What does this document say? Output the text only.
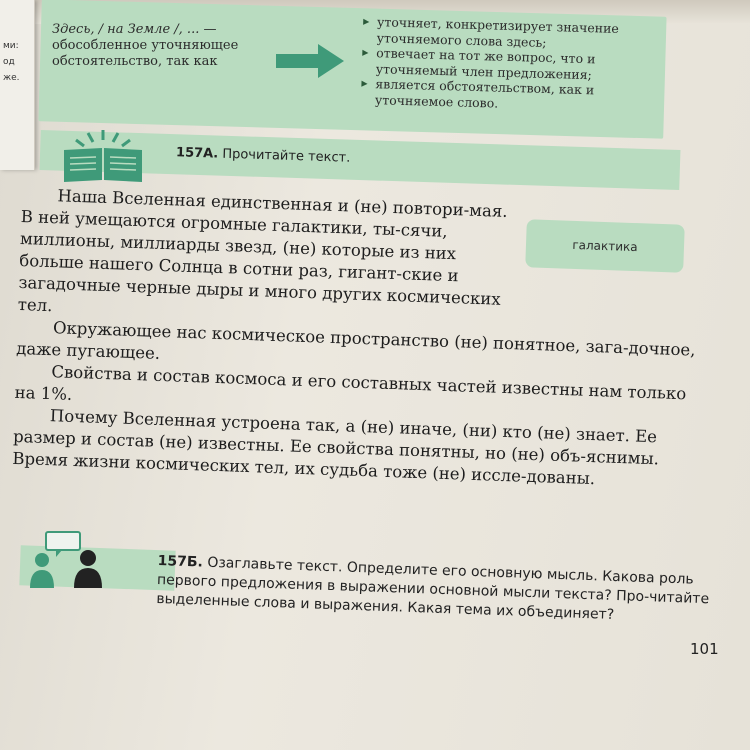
ми:
од
же.
Здесь, / на Земле /, ... —
обособленное уточняющее обстоятельство, так как
▶ уточняет, конкретизирует значение уточняемого слова здесь;
▶ отвечает на тот же вопрос, что и уточняемый член предложения;
▶ является обстоятельством, как и уточняемое слово.
157А. Прочитайте текст.
галактика

Наша Вселенная единственная и (не) повтори-мая. В ней умещаются огромные галактики, ты-сячи, миллионы, миллиарды звезд, (не) которые из них больше нашего Солнца в сотни раз, гигант-ские и загадочные черные дыры и много других космических тел.

Окружающее нас космическое пространство (не) понятное, зага-дочное, даже пугающее.

Свойства и состав космоса и его составных частей известны нам только на 1%.

Почему Вселенная устроена так, а (не) иначе, (ни) кто (не) знает. Ее размер и состав (не) известны. Ее свойства понятны, но (не) объ-яснимы. Время жизни космических тел, их судьба тоже (не) иссле-дованы.

157Б. Озаглавьте текст. Определите его основную мысль. Какова роль первого предложения в выражении основной мысли текста? Про-читайте выделенные слова и выражения. Какая тема их объединяет?
101
